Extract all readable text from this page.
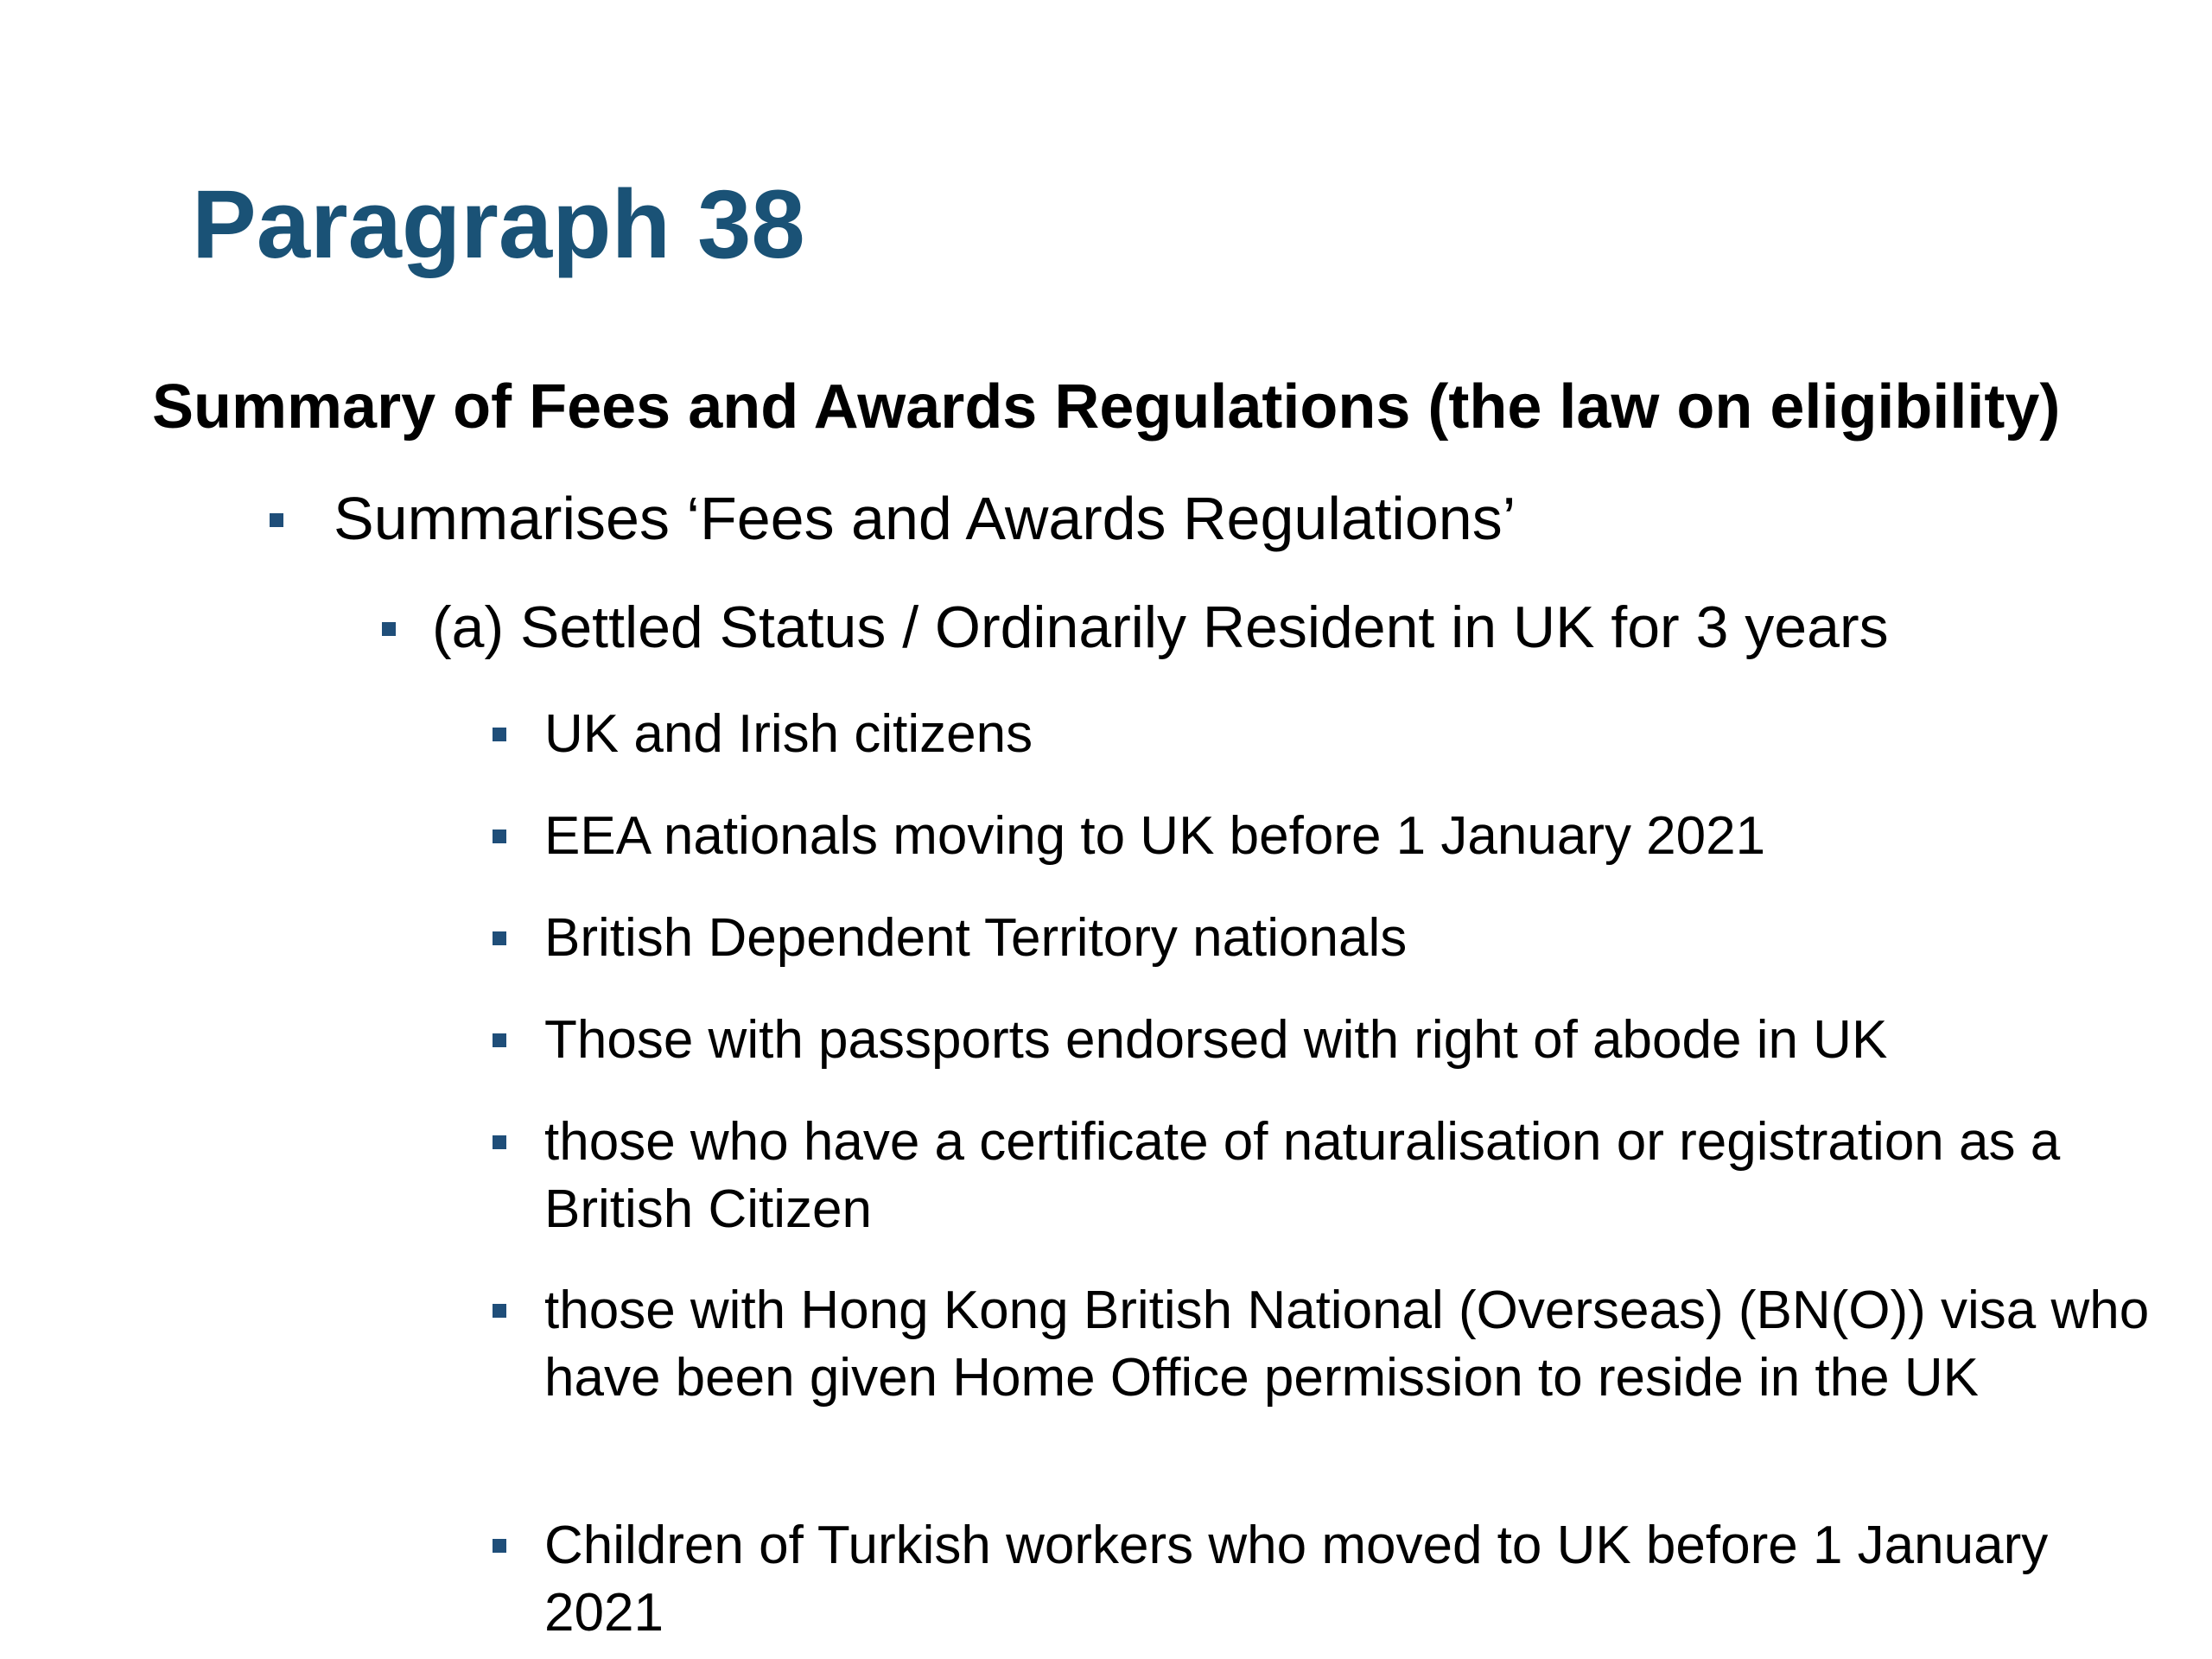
Paragraph 38
Summary of Fees and Awards Regulations (the law on eligibility)

Summarises ‘Fees and Awards Regulations’

(a) Settled Status / Ordinarily Resident in UK for 3 years

UK and Irish citizens

EEA nationals moving to UK before 1 January 2021

British Dependent Territory nationals

Those with passports endorsed with right of abode in UK

those who have a certificate of naturalisation or registration as a British Citizen

those with Hong Kong British National (Overseas) (BN(O)) visa who have been given Home Office permission to reside in the UK

Children of Turkish workers who moved to UK before 1 January 2021
